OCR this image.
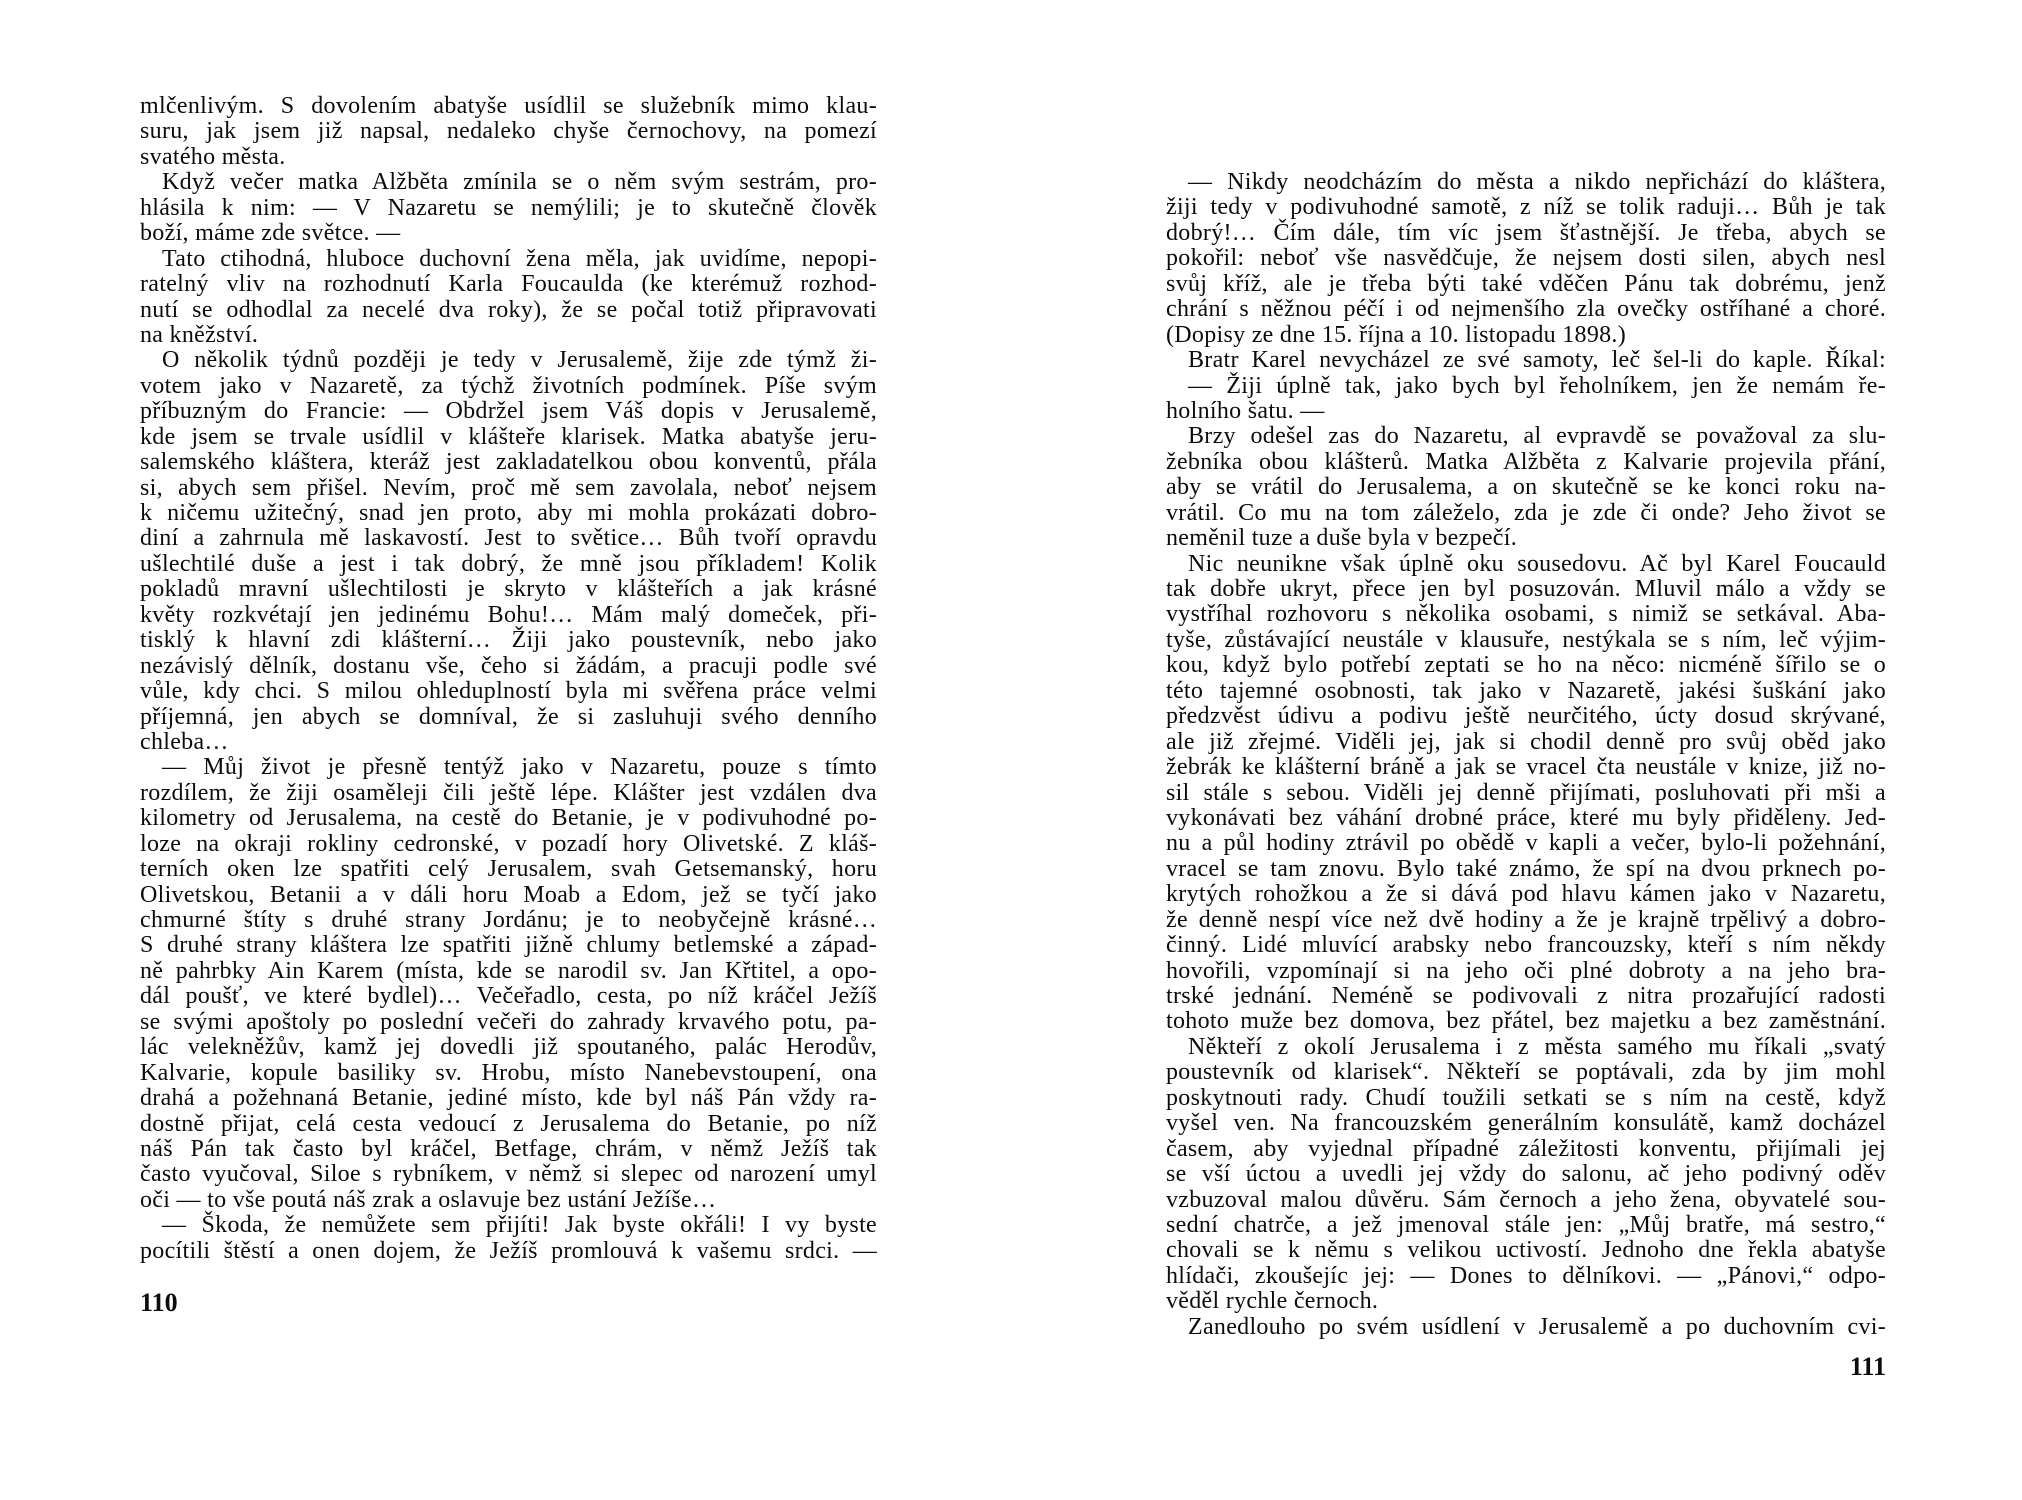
mlčenlivým. S dovolením abatyše usídlil se služebník mimo klau-
suru, jak jsem již napsal, nedaleko chyše černochovy, na pomezí
svatého města.
Když večer matka Alžběta zmínila se o něm svým sestrám, pro-
hlásila k nim: — V Nazaretu se nemýlili; je to skutečně člověk
boží, máme zde světce. —
Tato ctihodná, hluboce duchovní žena měla, jak uvidíme, nepopi-
ratelný vliv na rozhodnutí Karla Foucaulda (ke kterémuž rozhod-
nutí se odhodlal za necelé dva roky), že se počal totiž připravovati
na kněžství.
O několik týdnů později je tedy v Jerusalemě, žije zde týmž ži-
votem jako v Nazaretě, za týchž životních podmínek. Píše svým
příbuzným do Francie: — Obdržel jsem Váš dopis v Jerusalemě,
kde jsem se trvale usídlil v klášteře klarisek. Matka abatyše jeru-
salemského kláštera, kteráž jest zakladatelkou obou konventů, přála
si, abych sem přišel. Nevím, proč mě sem zavolala, neboť nejsem
k ničemu užitečný, snad jen proto, aby mi mohla prokázati dobro-
diní a zahrnula mě laskavostí. Jest to světice… Bůh tvoří opravdu
ušlechtilé duše a jest i tak dobrý, že mně jsou příkladem! Kolik
pokladů mravní ušlechtilosti je skryto v klášteřích a jak krásné
květy rozkvétají jen jedinému Bohu!… Mám malý domeček, při-
tisklý k hlavní zdi klášterní… Žiji jako poustevník, nebo jako
nezávislý dělník, dostanu vše, čeho si žádám, a pracuji podle své
vůle, kdy chci. S milou ohleduplností byla mi svěřena práce velmi
příjemná, jen abych se domníval, že si zasluhuji svého denního
chleba…
— Můj život je přesně tentýž jako v Nazaretu, pouze s tímto
rozdílem, že žiji osaměleji čili ještě lépe. Klášter jest vzdálen dva
kilometry od Jerusalema, na cestě do Betanie, je v podivuhodné po-
loze na okraji rokliny cedronské, v pozadí hory Olivetské. Z kláš-
terních oken lze spatřiti celý Jerusalem, svah Getsemanský, horu
Olivetskou, Betanii a v dáli horu Moab a Edom, jež se tyčí jako
chmurné štíty s druhé strany Jordánu; je to neobyčejně krásné…
S druhé strany kláštera lze spatřiti jižně chlumy betlemské a západ-
ně pahrbky Ain Karem (místa, kde se narodil sv. Jan Křtitel, a opo-
dál poušť, ve které bydlel)… Večeřadlo, cesta, po níž kráčel Ježíš
se svými apoštoly po poslední večeři do zahrady krvavého potu, pa-
lác velekněžův, kamž jej dovedli již spoutaného, palác Herodův,
Kalvarie, kopule basiliky sv. Hrobu, místo Nanebevstoupení, ona
drahá a požehnaná Betanie, jediné místo, kde byl náš Pán vždy ra-
dostně přijat, celá cesta vedoucí z Jerusalema do Betanie, po níž
náš Pán tak často byl kráčel, Betfage, chrám, v němž Ježíš tak
často vyučoval, Siloe s rybníkem, v němž si slepec od narození umyl
oči — to vše poutá náš zrak a oslavuje bez ustání Ježíše…
— Škoda, že nemůžete sem přijíti! Jak byste okřáli! I vy byste
pocítili štěstí a onen dojem, že Ježíš promlouvá k vašemu srdci. —
110
— Nikdy neodcházím do města a nikdo nepřichází do kláštera,
žiji tedy v podivuhodné samotě, z níž se tolik raduji… Bůh je tak
dobrý!… Čím dále, tím víc jsem šťastnější. Je třeba, abych se
pokořil: neboť vše nasvědčuje, že nejsem dosti silen, abych nesl
svůj kříž, ale je třeba býti také vděčen Pánu tak dobrému, jenž
chrání s něžnou péčí i od nejmenšího zla ovečky ostříhané a choré.
(Dopisy ze dne 15. října a 10. listopadu 1898.)
Bratr Karel nevycházel ze své samoty, leč šel-li do kaple. Říkal:
— Žiji úplně tak, jako bych byl řeholníkem, jen že nemám ře-
holního šatu. —
Brzy odešel zas do Nazaretu, al evpravdě se považoval za slu-
žebníka obou klášterů. Matka Alžběta z Kalvarie projevila přání,
aby se vrátil do Jerusalema, a on skutečně se ke konci roku na-
vrátil. Co mu na tom záleželo, zda je zde či onde? Jeho život se
neměnil tuze a duše byla v bezpečí.
Nic neunikne však úplně oku sousedovu. Ač byl Karel Foucauld
tak dobře ukryt, přece jen byl posuzován. Mluvil málo a vždy se
vystříhal rozhovoru s několika osobami, s nimiž se setkával. Aba-
tyše, zůstávající neustále v klausuře, nestýkala se s ním, leč výjim-
kou, když bylo potřebí zeptati se ho na něco: nicméně šířilo se o
této tajemné osobnosti, tak jako v Nazaretě, jakési šuškání jako
předzvěst údivu a podivu ještě neurčitého, úcty dosud skrývané,
ale již zřejmé. Viděli jej, jak si chodil denně pro svůj oběd jako
žebrák ke klášterní bráně a jak se vracel čta neustále v knize, již no-
sil stále s sebou. Viděli jej denně přijímati, posluhovati při mši a
vykonávati bez váhání drobné práce, které mu byly přiděleny. Jed-
nu a půl hodiny ztrávil po obědě v kapli a večer, bylo-li požehnání,
vracel se tam znovu. Bylo také známo, že spí na dvou prknech po-
krytých rohožkou a že si dává pod hlavu kámen jako v Nazaretu,
že denně nespí více než dvě hodiny a že je krajně trpělivý a dobro-
činný. Lidé mluvící arabsky nebo francouzsky, kteří s ním někdy
hovořili, vzpomínají si na jeho oči plné dobroty a na jeho bra-
trské jednání. Neméně se podivovali z nitra prozařující radosti
tohoto muže bez domova, bez přátel, bez majetku a bez zaměstnání.
Někteří z okolí Jerusalema i z města samého mu říkali „svatý
poustevník od klarisek“. Někteří se poptávali, zda by jim mohl
poskytnouti rady. Chudí toužili setkati se s ním na cestě, když
vyšel ven. Na francouzském generálním konsulátě, kamž docházel
časem, aby vyjednal případné záležitosti konventu, přijímali jej
se vší úctou a uvedli jej vždy do salonu, ač jeho podivný oděv
vzbuzoval malou důvěru. Sám černoch a jeho žena, obyvatelé sou-
sední chatrče, a jež jmenoval stále jen: „Můj bratře, má sestro,“
chovali se k němu s velikou uctivostí. Jednoho dne řekla abatyše
hlídači, zkoušejíc jej: — Dones to dělníkovi. — „Pánovi,“ odpo-
věděl rychle černoch.
Zanedlouho po svém usídlení v Jerusalemě a po duchovním cvi-
111
